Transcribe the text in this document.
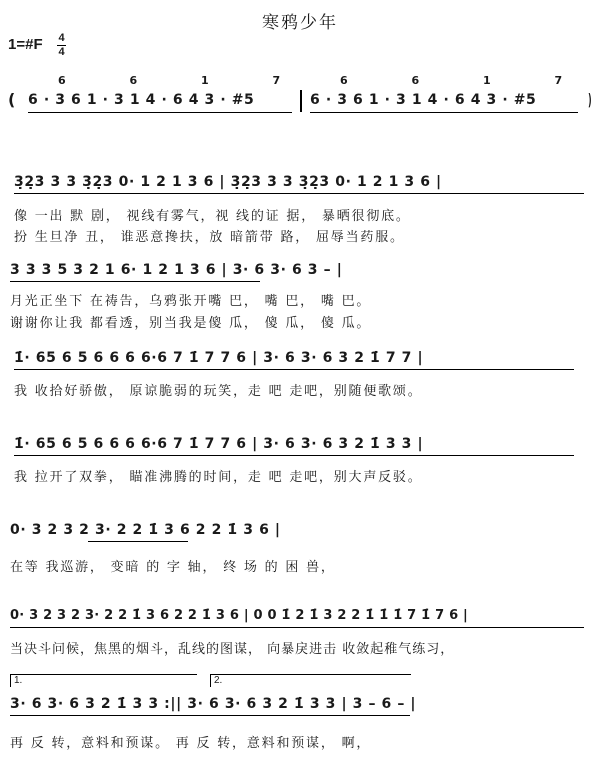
寒鸦少年
1=#F 4
4
6 6 1 7	6 6 1 7
( 6 · 3 6 1 · 3 1 4 · 6 4 3 · #5	6 · 3 6 1 · 3 1 4 · 6 4 3 · #5	)
3̣2̣3 3 3 3̣2̣3 0· 1 2 1 3 6 | 3̣2̣3 3 3 3̣2̣3 0· 1 2 1 3 6 |
像 一出 默 剧， 视线有雾气，视 线的证 据， 暴晒很彻底。
扮 生旦净 丑， 谁恶意搀扶，放 暗箭带 路， 屈辱当药服。
3 3 3 5 3 2 1 6· 1 2 1 3 6 | 3· 6 3· 6 3 – |
月光正坐下 在祷告，乌鸦张开嘴 巴， 嘴 巴， 嘴 巴。
谢谢你让我 都看透，别当我是傻 瓜， 傻 瓜， 傻 瓜。
1̇· 65 6 5 6 6 6 6·6 7 1̇ 7 7 6 | 3· 6 3· 6 3 2 1̇ 7 7 |
我 收拾好骄傲， 原谅脆弱的玩笑，走 吧 走吧，别随便歌颂。
1̇· 65 6 5 6 6 6 6·6 7 1̇ 7 7 6 | 3· 6 3· 6 3 2 1̇ 3 3 |
我 拉开了双拳， 瞄准沸腾的时间，走 吧 走吧，别大声反驳。
0· 3 2 3 2 3· 2 2 1̇ 3 6 2 2 1̇ 3 6 |
在等 我巡游， 变暗 的 字 轴， 终 场 的 困 兽，
0· 3 2 3 2 3· 2 2 1̇ 3 6 2 2 1̇ 3 6 | 0 0 1̇ 2 1̇ 3 2 2 1̇ 1̇ 1̇ 7 1̇ 7 6 |
当决斗问候，焦黑的烟斗，乱线的图谋， 向暴戾进击 收敛起稚气练习，
1.	2.
3· 6 3· 6 3 2 1̇ 3 3 :|| 3· 6 3· 6 3 2 1̇ 3 3 | 3 – 6 – |
再 反 转，意料和预谋。 再 反 转，意料和预谋， 啊，
